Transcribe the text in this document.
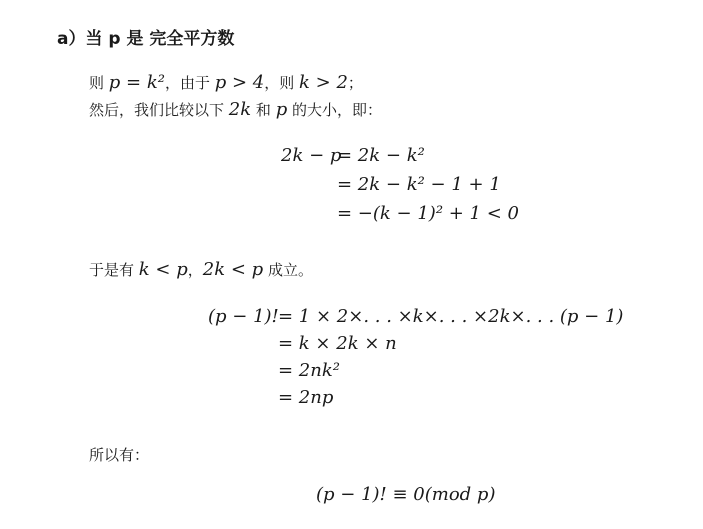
a）当 p 是 完全平方数
则 p = k²，由于 p > 4，则 k > 2；
然后，我们比较以下 2k 和 p 的大小，即：
2k − p
= 2k − k²
= 2k − k² − 1 + 1
= −(k − 1)² + 1 < 0
于是有 k < p，2k < p 成立。
(p − 1)! = 1 × 2×. . . ×k×. . . ×2k×. . . (p − 1)
= k × 2k × n
= 2nk²
= 2np
所以有：
(p − 1)! ≡ 0(mod p)
